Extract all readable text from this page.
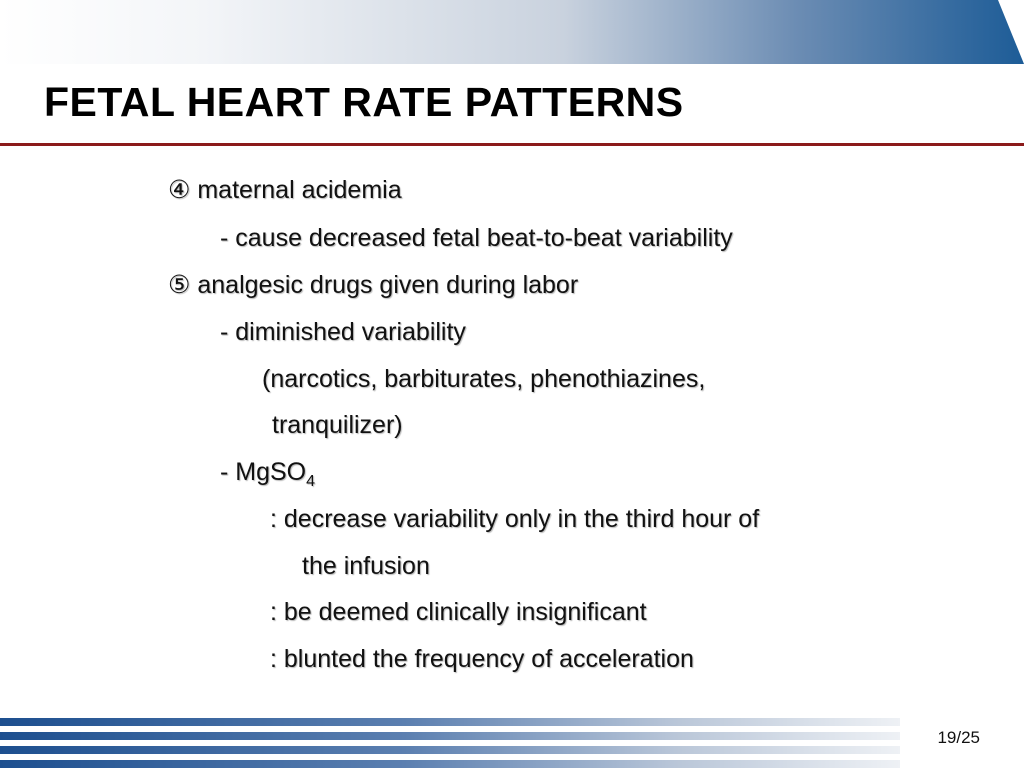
FETAL HEART RATE PATTERNS
④ maternal acidemia
- cause decreased fetal beat-to-beat variability
⑤ analgesic drugs given during labor
- diminished variability
(narcotics, barbiturates, phenothiazines,
tranquilizer)
- MgSO$_4$
: decrease variability only in the third hour of
the infusion
: be deemed clinically insignificant
: blunted the frequency of acceleration
19/25
